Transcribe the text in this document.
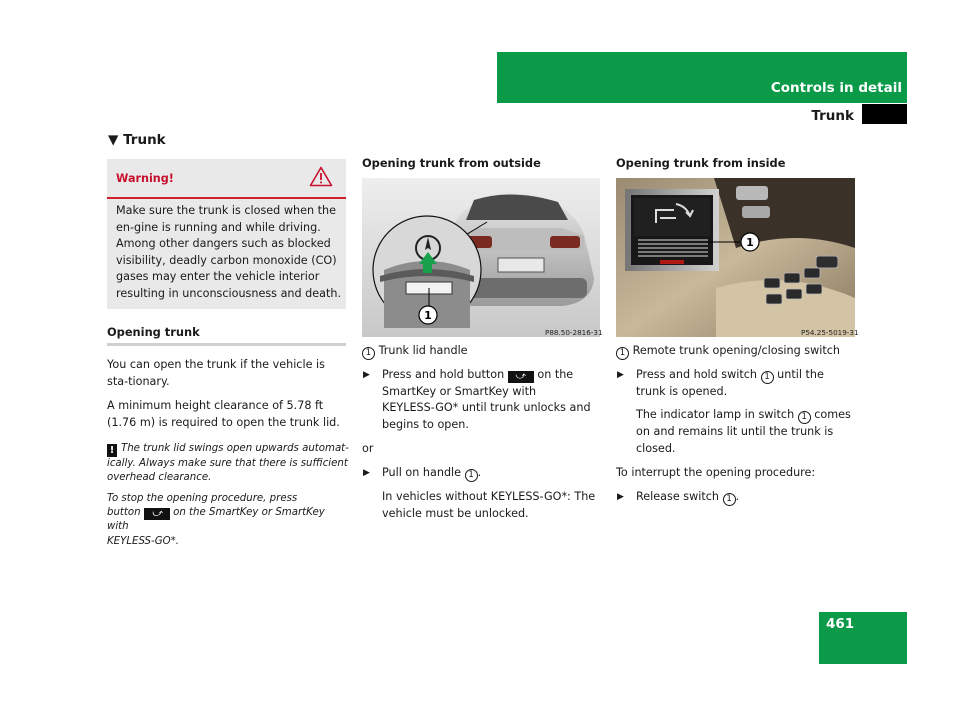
Controls in detail
Trunk
▼ Trunk
Warning!
Make sure the trunk is closed when the en-gine is running and while driving. Among other dangers such as blocked visibility, deadly carbon monoxide (CO) gases may enter the vehicle interior resulting in unconsciousness and death.
Opening trunk
You can open the trunk if the vehicle is sta-tionary.
A minimum height clearance of 5.78 ft (1.76 m) is required to open the trunk lid.
! The trunk lid swings open upwards automat-ically. Always make sure that there is sufficient overhead clearance.
To stop the opening procedure, press
button ⤻ on the SmartKey or SmartKey with
KEYLESS-GO*.
Opening trunk from outside
1
P88.50-2816-31
1 Trunk lid handle
▶ Press and hold button ⤻ on the
SmartKey or SmartKey with
KEYLESS-GO* until trunk unlocks and
begins to open.
or
▶ Pull on handle 1 .
In vehicles without KEYLESS-GO*: The
vehicle must be unlocked.
Opening trunk from inside
1
P54.25-5019-31
1 Remote trunk opening/closing switch
▶ Press and hold switch 1 until the
trunk is opened.
The indicator lamp in switch 1 comes
on and remains lit until the trunk is
closed.
To interrupt the opening procedure:
▶ Release switch 1 .
461
